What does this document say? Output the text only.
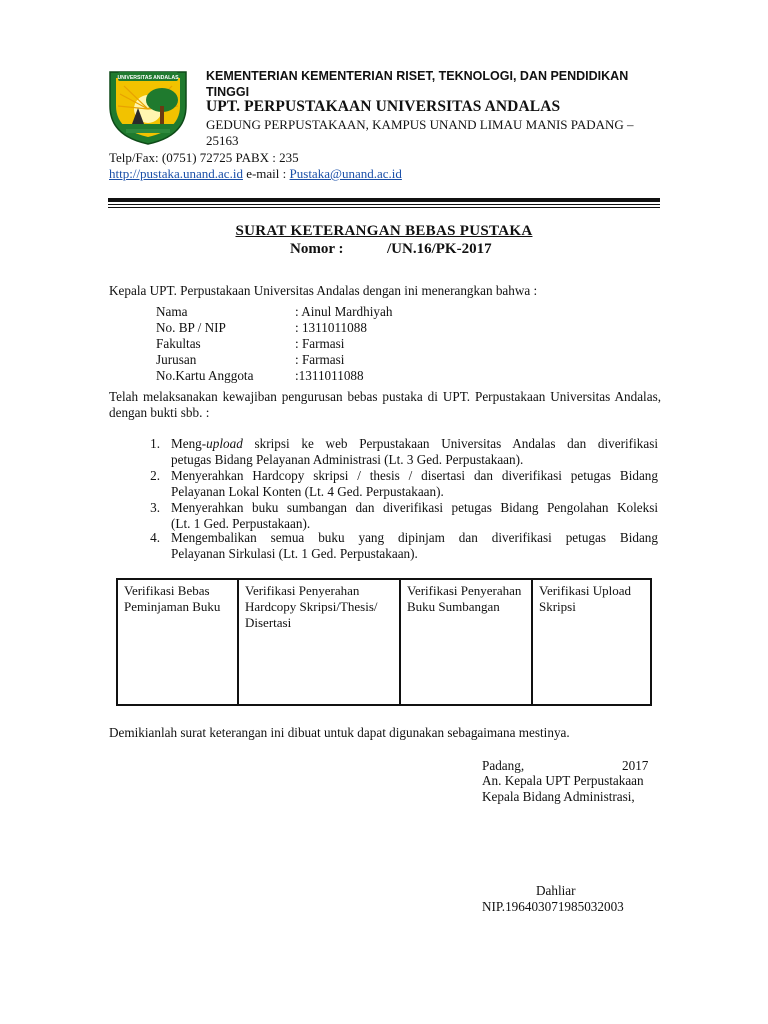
UNIVERSITAS ANDALAS KEMENTERIAN KEMENTERIAN RISET, TEKNOLOGI, DAN PENDIDIKAN TINGGI
UPT. PERPUSTAKAAN UNIVERSITAS ANDALAS
GEDUNG PERPUSTAKAAN, KAMPUS UNAND LIMAU MANIS PADANG – 25163
Telp/Fax: (0751) 72725 PABX : 235
http://pustaka.unand.ac.id e-mail : Pustaka@unand.ac.id
SURAT KETERANGAN BEBAS PUSTAKA
Nomor :	/UN.16/PK-2017
Kepala UPT. Perpustakaan Universitas Andalas dengan ini menerangkan bahwa :
Nama	: Ainul Mardhiyah
No. BP / NIP	: 1311011088
Fakultas	: Farmasi
Jurusan	: Farmasi
No.Kartu Anggota	:1311011088
Telah melaksanakan kewajiban pengurusan bebas pustaka di UPT. Perpustakaan Universitas Andalas, dengan bukti sbb. :
1. Meng-upload skripsi ke web Perpustakaan Universitas Andalas dan diverifikasi
petugas Bidang Pelayanan Administrasi (Lt. 3 Ged. Perpustakaan).
2. Menyerahkan Hardcopy skripsi / thesis / disertasi dan diverifikasi petugas Bidang
Pelayanan Lokal Konten (Lt. 4 Ged. Perpustakaan).
3. Menyerahkan buku sumbangan dan diverifikasi petugas Bidang Pengolahan Koleksi
(Lt. 1 Ged. Perpustakaan).
4. Mengembalikan semua buku yang dipinjam dan diverifikasi petugas Bidang
Pelayanan Sirkulasi (Lt. 1 Ged. Perpustakaan).
Verifikasi Bebas Peminjaman Buku
Verifikasi Penyerahan Hardcopy Skripsi/Thesis/ Disertasi
Verifikasi Penyerahan Buku Sumbangan
Verifikasi Upload Skripsi
Demikianlah surat keterangan ini dibuat untuk dapat digunakan sebagaimana mestinya.
Padang,	2017
An. Kepala UPT Perpustakaan
Kepala Bidang Administrasi,
Dahliar
NIP.196403071985032003
